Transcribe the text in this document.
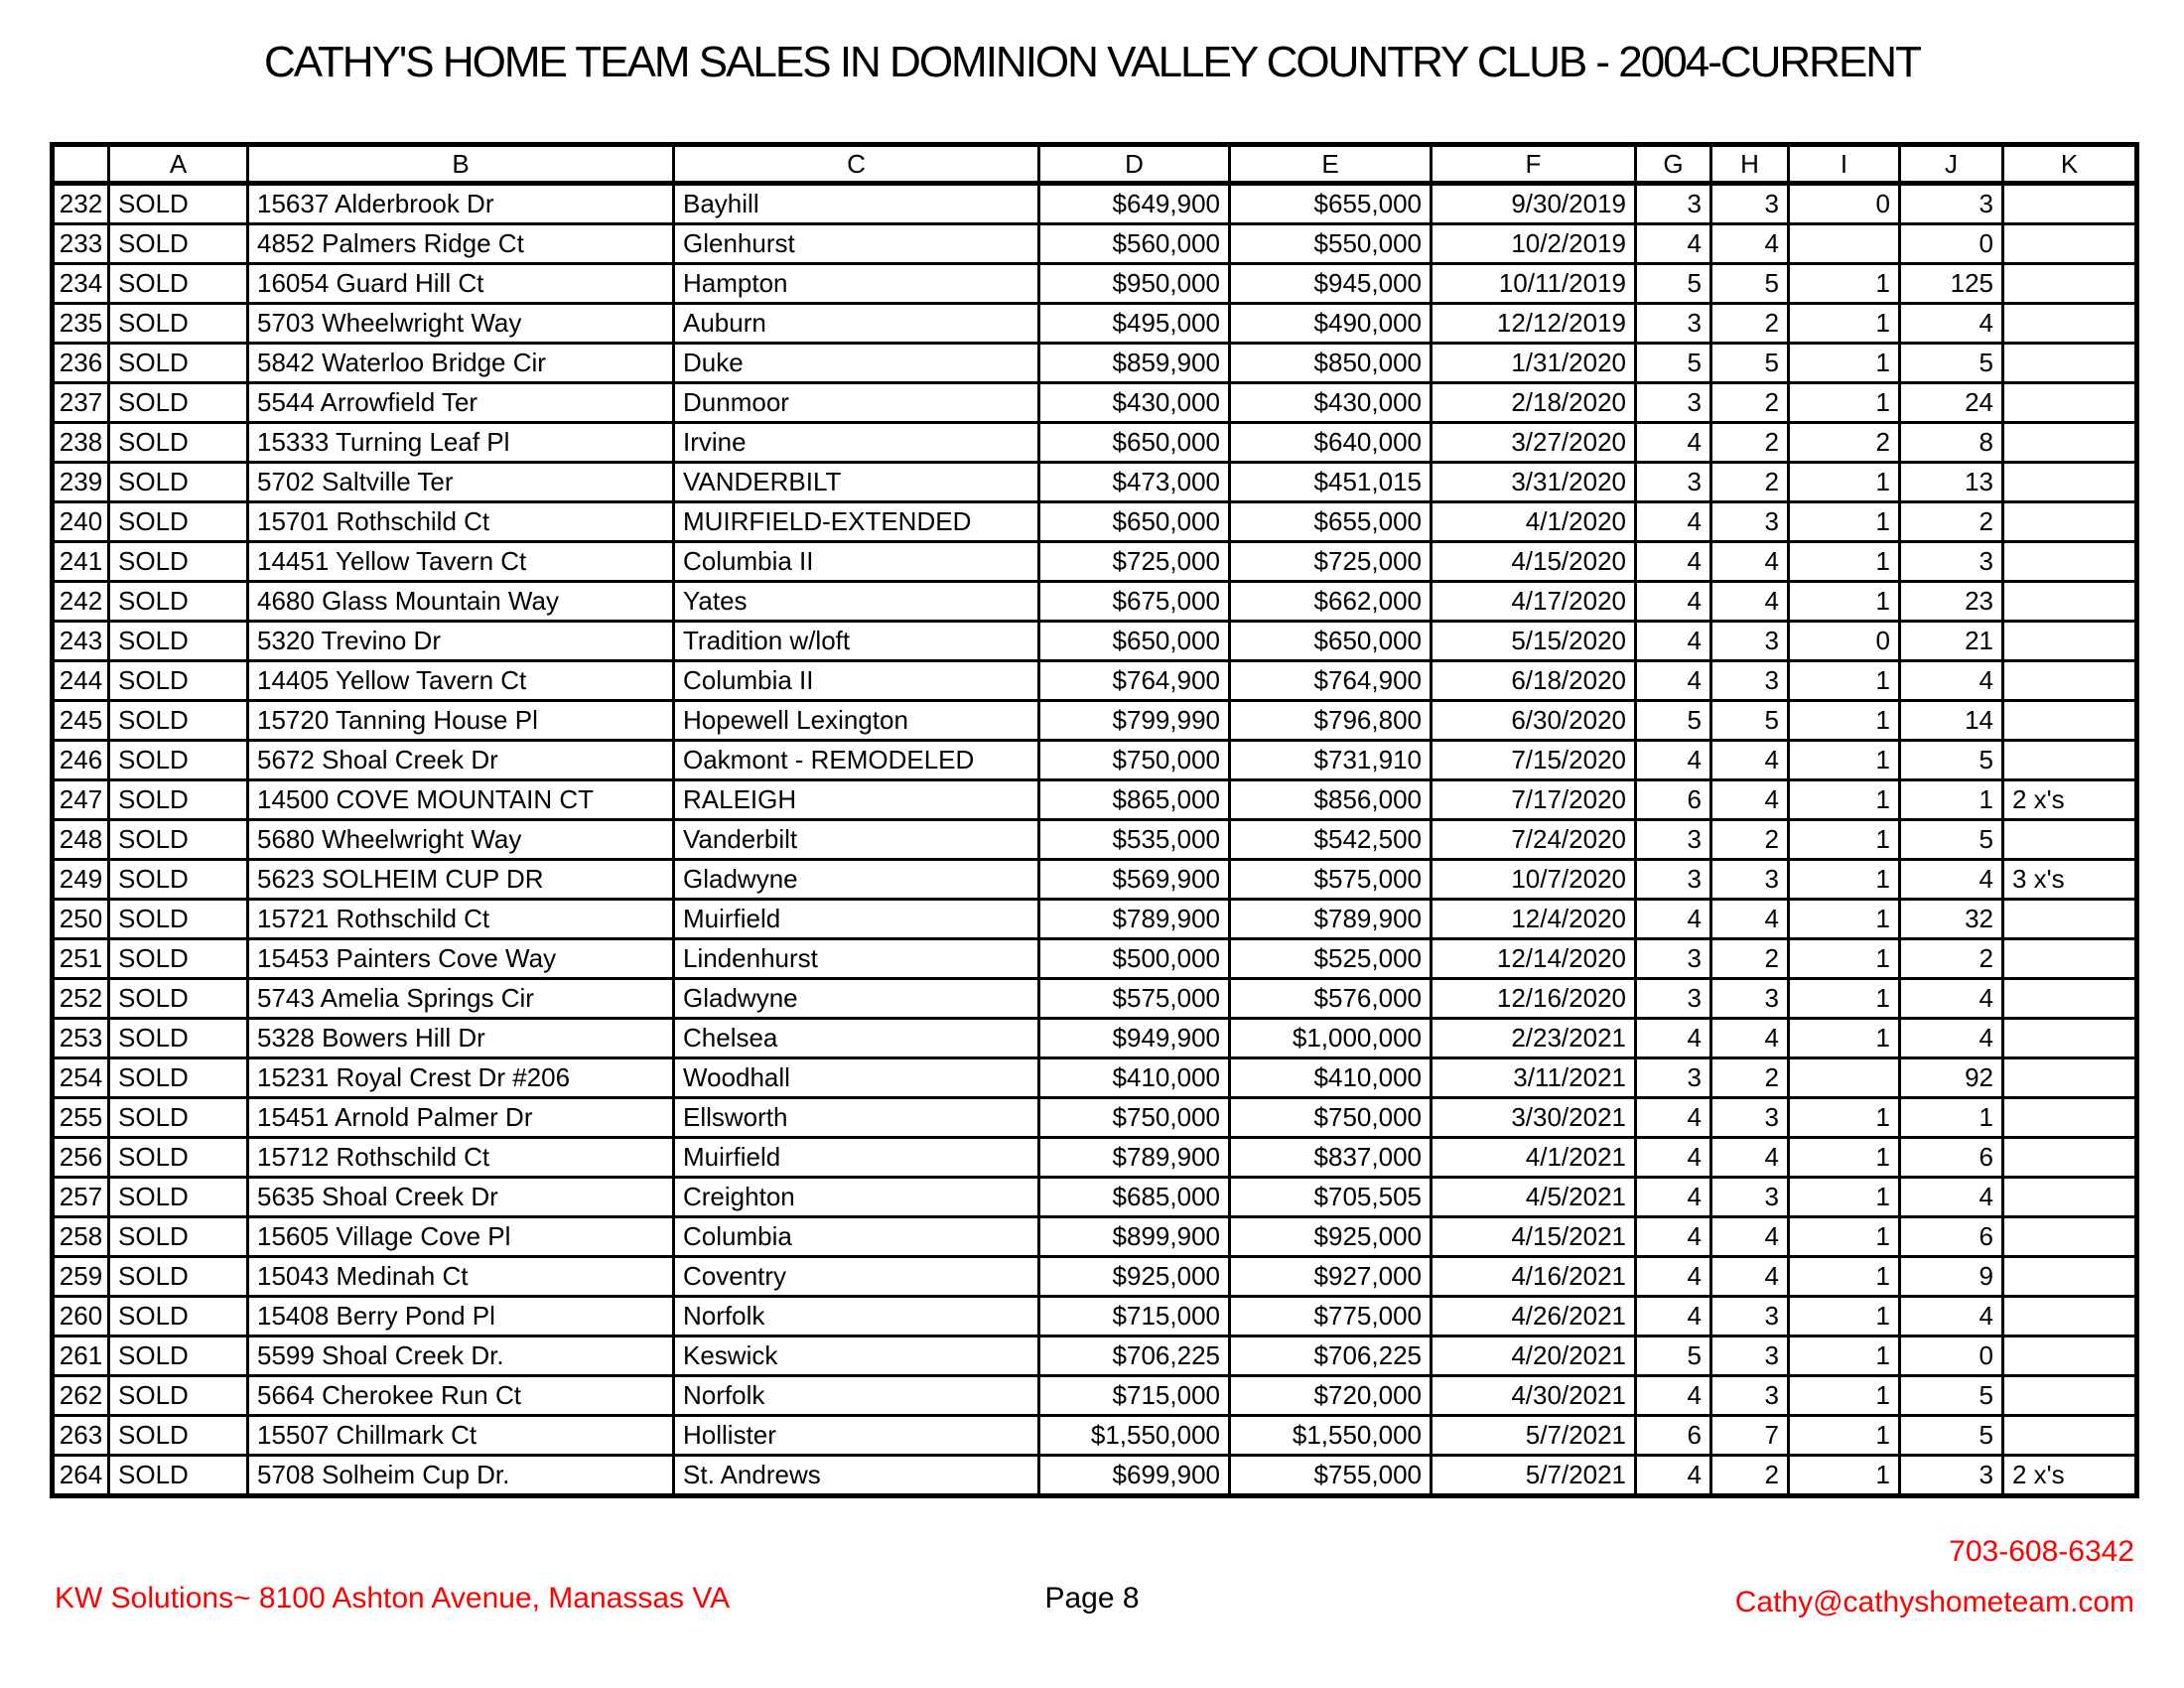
CATHY'S HOME TEAM SALES IN DOMINION VALLEY COUNTRY CLUB - 2004-CURRENT
	A	B	C	D	E	F	G	H	I	J	K
232	SOLD	15637 Alderbrook Dr	Bayhill	$649,900	$655,000	9/30/2019	3	3	0	3	
233	SOLD	4852 Palmers Ridge Ct	Glenhurst	$560,000	$550,000	10/2/2019	4	4		0	
234	SOLD	16054 Guard Hill Ct	Hampton	$950,000	$945,000	10/11/2019	5	5	1	125	
235	SOLD	5703 Wheelwright Way	Auburn	$495,000	$490,000	12/12/2019	3	2	1	4	
236	SOLD	5842 Waterloo Bridge Cir	Duke	$859,900	$850,000	1/31/2020	5	5	1	5	
237	SOLD	5544 Arrowfield Ter	Dunmoor	$430,000	$430,000	2/18/2020	3	2	1	24	
238	SOLD	15333 Turning Leaf Pl	Irvine	$650,000	$640,000	3/27/2020	4	2	2	8	
239	SOLD	5702 Saltville Ter	VANDERBILT	$473,000	$451,015	3/31/2020	3	2	1	13	
240	SOLD	15701 Rothschild Ct	MUIRFIELD-EXTENDED	$650,000	$655,000	4/1/2020	4	3	1	2	
241	SOLD	14451 Yellow Tavern Ct	Columbia II	$725,000	$725,000	4/15/2020	4	4	1	3	
242	SOLD	4680 Glass Mountain Way	Yates	$675,000	$662,000	4/17/2020	4	4	1	23	
243	SOLD	5320 Trevino Dr	Tradition w/loft	$650,000	$650,000	5/15/2020	4	3	0	21	
244	SOLD	14405 Yellow Tavern Ct	Columbia II	$764,900	$764,900	6/18/2020	4	3	1	4	
245	SOLD	15720 Tanning House Pl	Hopewell Lexington	$799,990	$796,800	6/30/2020	5	5	1	14	
246	SOLD	5672 Shoal Creek Dr	Oakmont - REMODELED	$750,000	$731,910	7/15/2020	4	4	1	5	
247	SOLD	14500 COVE MOUNTAIN CT	RALEIGH	$865,000	$856,000	7/17/2020	6	4	1	1	2 x's
248	SOLD	5680 Wheelwright Way	Vanderbilt	$535,000	$542,500	7/24/2020	3	2	1	5	
249	SOLD	5623 SOLHEIM CUP DR	Gladwyne	$569,900	$575,000	10/7/2020	3	3	1	4	3 x's
250	SOLD	15721 Rothschild Ct	Muirfield	$789,900	$789,900	12/4/2020	4	4	1	32	
251	SOLD	15453 Painters Cove Way	Lindenhurst	$500,000	$525,000	12/14/2020	3	2	1	2	
252	SOLD	5743 Amelia Springs Cir	Gladwyne	$575,000	$576,000	12/16/2020	3	3	1	4	
253	SOLD	5328 Bowers Hill Dr	Chelsea	$949,900	$1,000,000	2/23/2021	4	4	1	4	
254	SOLD	15231 Royal Crest Dr #206	Woodhall	$410,000	$410,000	3/11/2021	3	2		92	
255	SOLD	15451 Arnold Palmer Dr	Ellsworth	$750,000	$750,000	3/30/2021	4	3	1	1	
256	SOLD	15712 Rothschild Ct	Muirfield	$789,900	$837,000	4/1/2021	4	4	1	6	
257	SOLD	5635 Shoal Creek Dr	Creighton	$685,000	$705,505	4/5/2021	4	3	1	4	
258	SOLD	15605 Village Cove Pl	Columbia	$899,900	$925,000	4/15/2021	4	4	1	6	
259	SOLD	15043 Medinah Ct	Coventry	$925,000	$927,000	4/16/2021	4	4	1	9	
260	SOLD	15408 Berry Pond Pl	Norfolk	$715,000	$775,000	4/26/2021	4	3	1	4	
261	SOLD	5599 Shoal Creek Dr.	Keswick	$706,225	$706,225	4/20/2021	5	3	1	0	
262	SOLD	5664 Cherokee Run Ct	Norfolk	$715,000	$720,000	4/30/2021	4	3	1	5	
263	SOLD	15507 Chillmark Ct	Hollister	$1,550,000	$1,550,000	5/7/2021	6	7	1	5	
264	SOLD	5708 Solheim Cup Dr.	St. Andrews	$699,900	$755,000	5/7/2021	4	2	1	3	2 x's
KW Solutions~ 8100 Ashton Avenue, Manassas VA	Page 8
703-608-6342
Cathy@cathyshometeam.com
